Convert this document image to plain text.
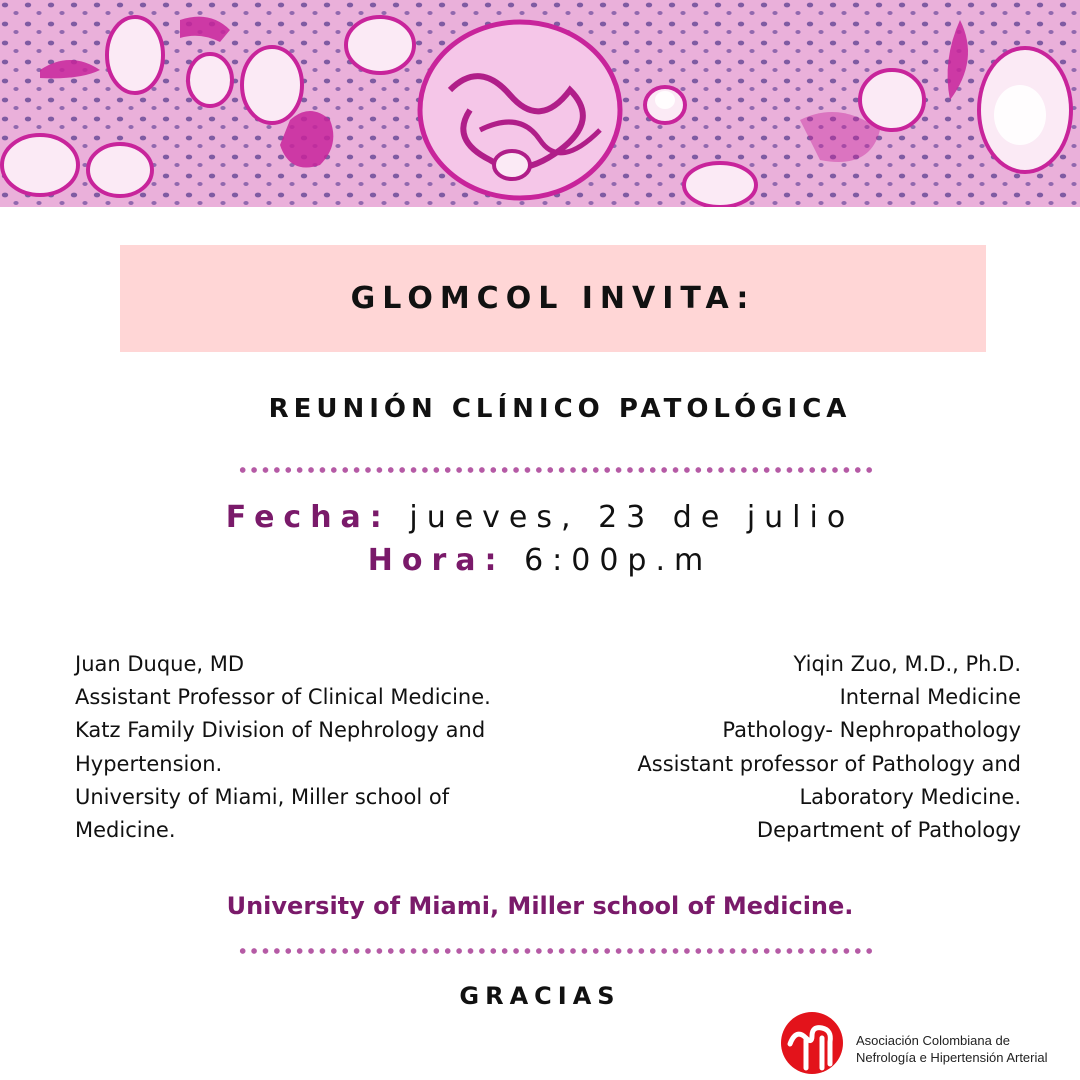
GLOMCOL INVITA:
REUNIÓN CLÍNICO PATOLÓGICA
Fecha: jueves, 23 de julio
Hora: 6:00p.m
Juan Duque, MD
Assistant Professor of Clinical Medicine.
Katz Family Division of Nephrology and
Hypertension.
University of Miami, Miller school of
Medicine.
Yiqin Zuo, M.D., Ph.D.
Internal Medicine
Pathology- Nephropathology
Assistant professor of Pathology and
Laboratory Medicine.
Department of Pathology
University of Miami, Miller school of Medicine.
GRACIAS
Asociación Colombiana de
Nefrología e Hipertensión Arterial
